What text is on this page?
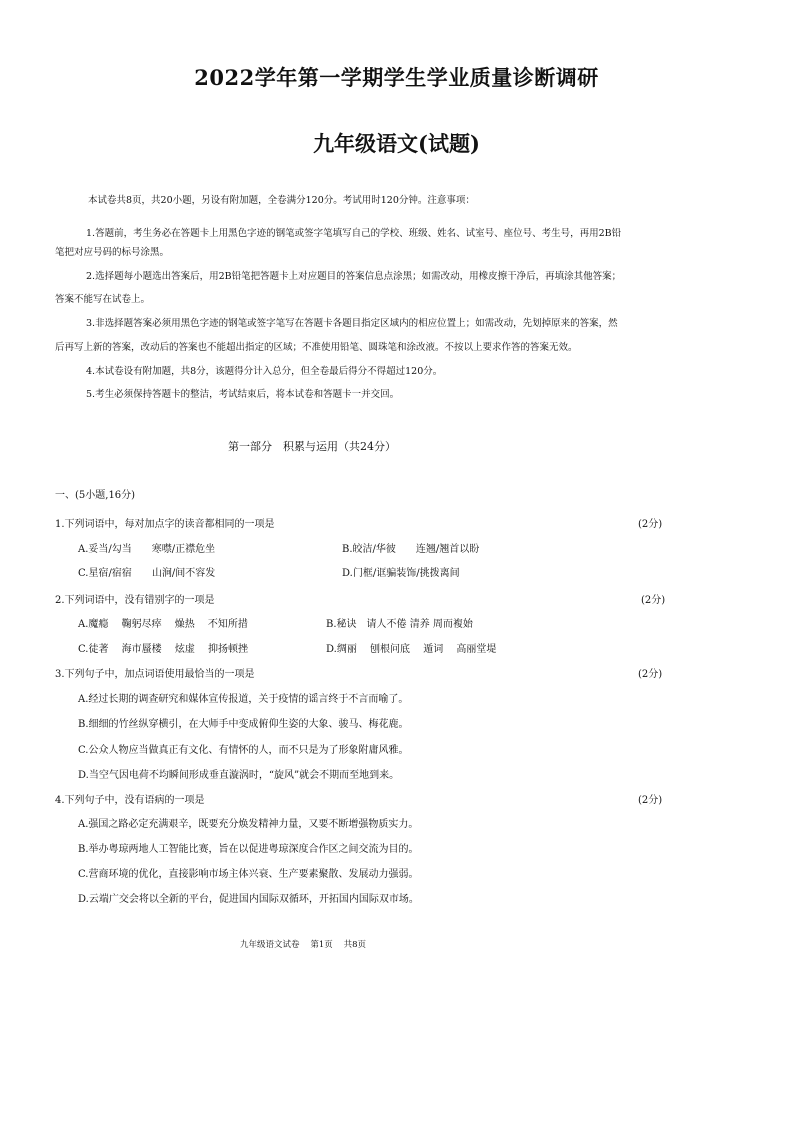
2022学年第一学期学生学业质量诊断调研
九年级语文(试题)
本试卷共8页，共20小题，另设有附加题，全卷满分120分。考试用时120分钟。注意事项：
1.答题前，考生务必在答题卡上用黑色字迹的钢笔或签字笔填写自己的学校、班级、姓名、试室号、座位号、考生号，再用2B铅
笔把对应号码的标号涂黑。
2.选择题每小题选出答案后，用2B铅笔把答题卡上对应题目的答案信息点涂黑；如需改动，用橡皮擦干净后，再填涂其他答案；
答案不能写在试卷上。
3.非选择题答案必须用黑色字迹的钢笔或签字笔写在答题卡各题目指定区域内的相应位置上；如需改动，先划掉原来的答案，然
后再写上新的答案，改动后的答案也不能超出指定的区域；不准使用铅笔、圆珠笔和涂改液。不按以上要求作答的答案无效。
4.本试卷设有附加题，共8分，该题得分计入总分，但全卷最后得分不得超过120分。
5.考生必须保持答题卡的整洁，考试结束后，将本试卷和答题卡一并交回。
第一部分　积累与运用（共24分）
一、(5小题,16分)
1.下列词语中，每对加点字的读音都相同的一项是	(2分)
A.妥当/勾当　　寒噤/正襟危坐	B.皎洁/华彼　　连翘/翘首以盼
C.星宿/宿宿　　山涧/间不容发	D.门框/诓骗装饰/挑拨离间
2.下列词语中，没有错别字的一项是	(2分)
A.魔瘾　 鞠躬尽瘁　 燥热　 不知所措	B.秘诀　请人不倦 清养 周而複始
C.徒著　 海市蜃楼　 炫虚　 抑扬顿挫	D.绸丽　 刨根问底　 遁词　 高丽堂堤
3.下列句子中，加点词语使用最恰当的一项是	(2分)
A.经过长期的调查研究和媒体宣传报道，关于疫情的谣言终于不言而喻了。
B.细细的竹丝纵穿横引，在大师手中变成俯仰生姿的大象、骏马、梅花鹿。
C.公众人物应当做真正有文化、有情怀的人，而不只是为了形象附庸风雅。
D.当空气因电荷不均瞬间形成垂直漩涡时，“旋风”就会不期而至地到来。
4.下列句子中，没有语病的一项是	(2分)
A.强国之路必定充满艰辛，既要充分焕发精神力量，又要不断增强物质实力。
B.举办粤琼两地人工智能比赛，旨在以促进粤琼深度合作区之间交流为目的。
C.营商环境的优化，直接影响市场主体兴衰、生产要素聚散、发展动力强弱。
D.云端广交会将以全新的平台，促进国内国际双循环，开拓国内国际双市场。
九年级语文试卷 第1页 共8页
